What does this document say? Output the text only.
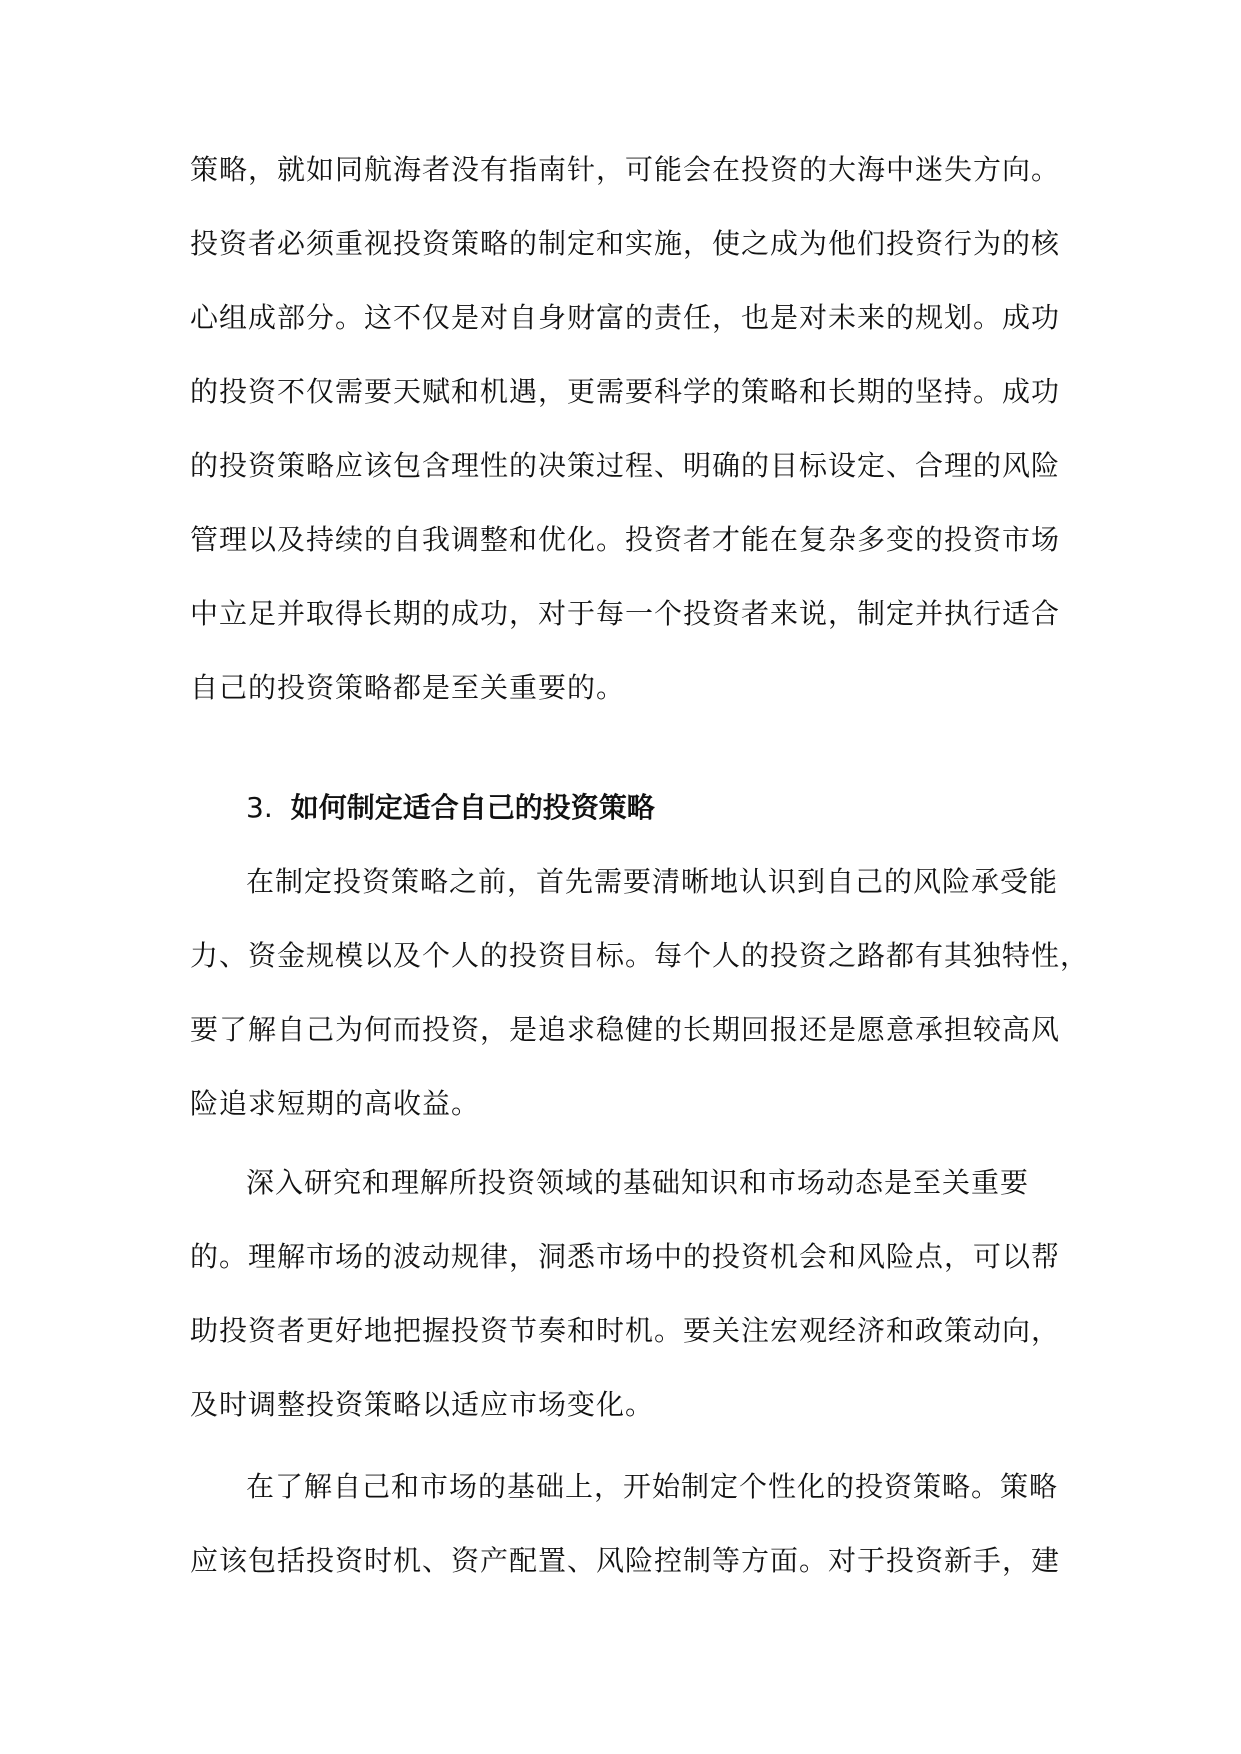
策略，就如同航海者没有指南针，可能会在投资的大海中迷失方向。
投资者必须重视投资策略的制定和实施，使之成为他们投资行为的核
心组成部分。这不仅是对自身财富的责任，也是对未来的规划。成功
的投资不仅需要天赋和机遇，更需要科学的策略和长期的坚持。成功
的投资策略应该包含理性的决策过程、明确的目标设定、合理的风险
管理以及持续的自我调整和优化。投资者才能在复杂多变的投资市场
中立足并取得长期的成功，对于每一个投资者来说，制定并执行适合
自己的投资策略都是至关重要的。
3. 如何制定适合自己的投资策略
在制定投资策略之前，首先需要清晰地认识到自己的风险承受能
力、资金规模以及个人的投资目标。每个人的投资之路都有其独特性，
要了解自己为何而投资，是追求稳健的长期回报还是愿意承担较高风
险追求短期的高收益。
深入研究和理解所投资领域的基础知识和市场动态是至关重要
的。理解市场的波动规律，洞悉市场中的投资机会和风险点，可以帮
助投资者更好地把握投资节奏和时机。要关注宏观经济和政策动向，
及时调整投资策略以适应市场变化。
在了解自己和市场的基础上，开始制定个性化的投资策略。策略
应该包括投资时机、资产配置、风险控制等方面。对于投资新手，建
